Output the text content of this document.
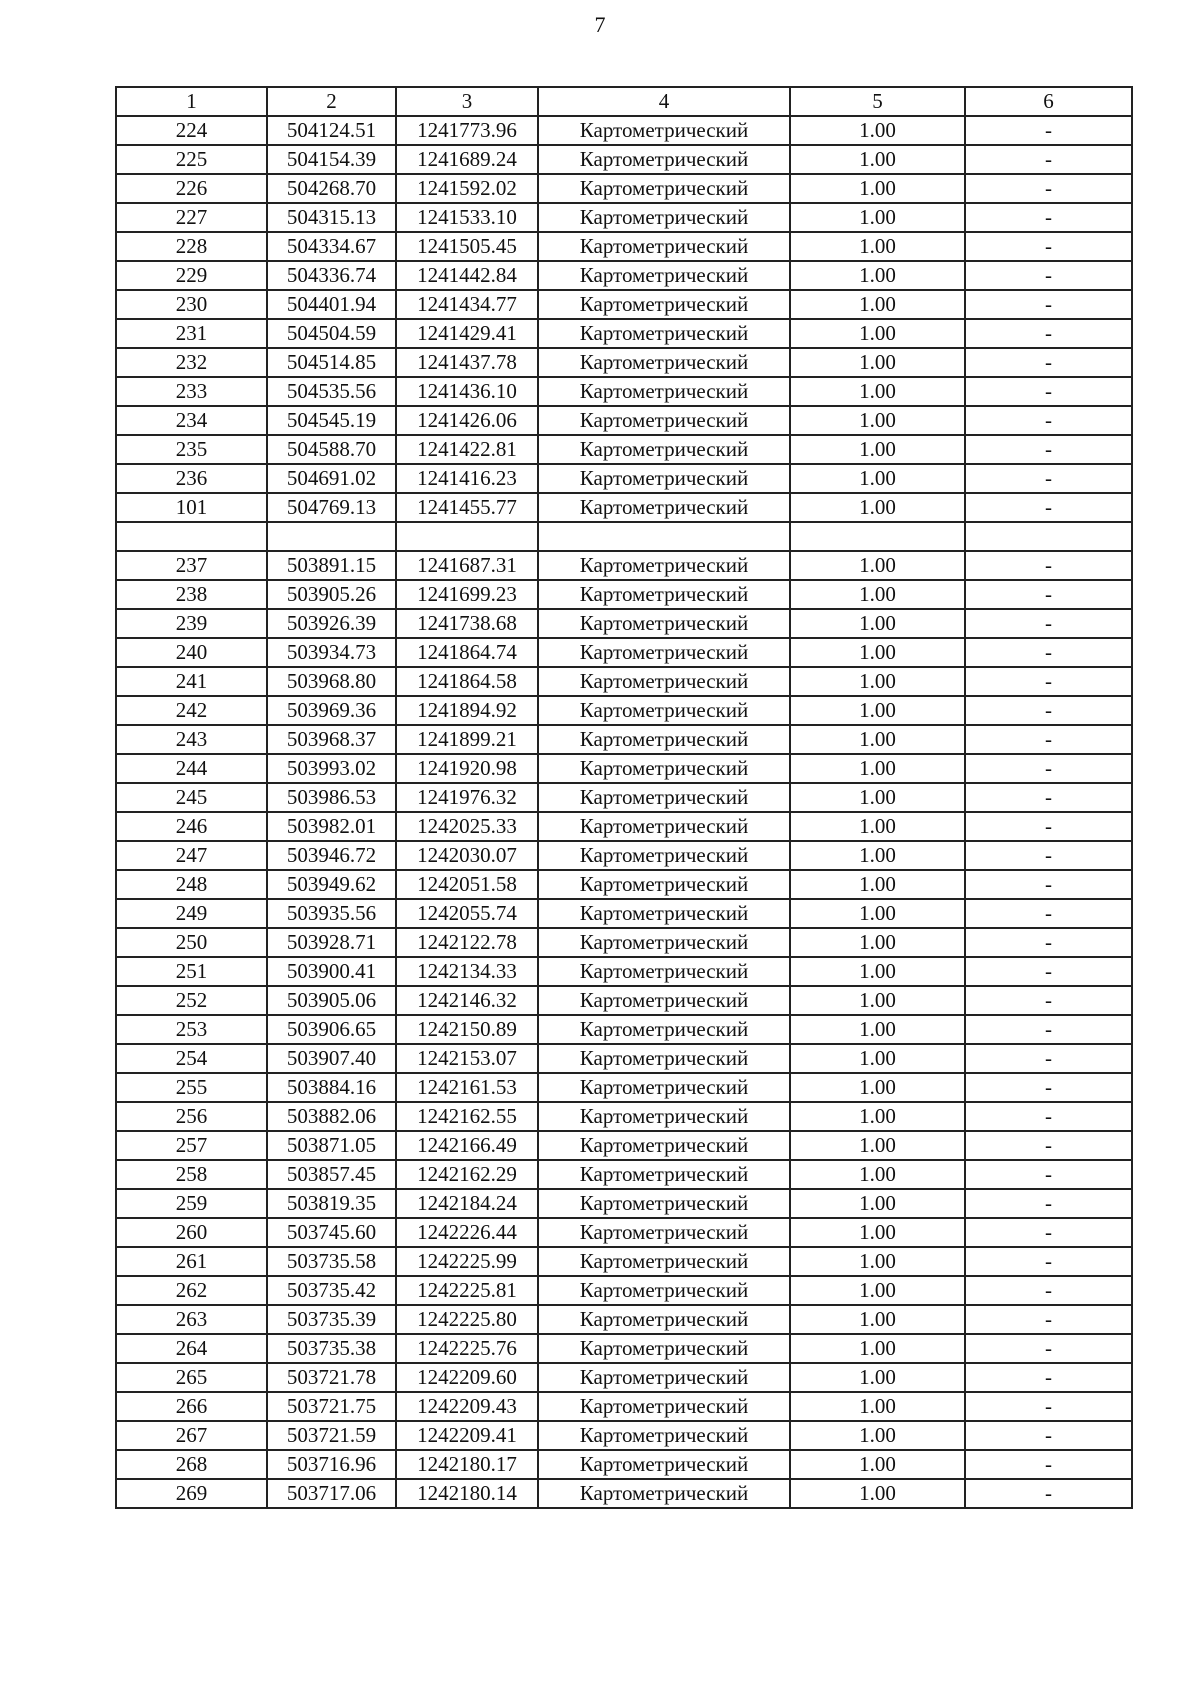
7
1	2	3	4	5	6
224	504124.51	1241773.96	Картометрический	1.00	-
225	504154.39	1241689.24	Картометрический	1.00	-
226	504268.70	1241592.02	Картометрический	1.00	-
227	504315.13	1241533.10	Картометрический	1.00	-
228	504334.67	1241505.45	Картометрический	1.00	-
229	504336.74	1241442.84	Картометрический	1.00	-
230	504401.94	1241434.77	Картометрический	1.00	-
231	504504.59	1241429.41	Картометрический	1.00	-
232	504514.85	1241437.78	Картометрический	1.00	-
233	504535.56	1241436.10	Картометрический	1.00	-
234	504545.19	1241426.06	Картометрический	1.00	-
235	504588.70	1241422.81	Картометрический	1.00	-
236	504691.02	1241416.23	Картометрический	1.00	-
101	504769.13	1241455.77	Картометрический	1.00	-

237	503891.15	1241687.31	Картометрический	1.00	-
238	503905.26	1241699.23	Картометрический	1.00	-
239	503926.39	1241738.68	Картометрический	1.00	-
240	503934.73	1241864.74	Картометрический	1.00	-
241	503968.80	1241864.58	Картометрический	1.00	-
242	503969.36	1241894.92	Картометрический	1.00	-
243	503968.37	1241899.21	Картометрический	1.00	-
244	503993.02	1241920.98	Картометрический	1.00	-
245	503986.53	1241976.32	Картометрический	1.00	-
246	503982.01	1242025.33	Картометрический	1.00	-
247	503946.72	1242030.07	Картометрический	1.00	-
248	503949.62	1242051.58	Картометрический	1.00	-
249	503935.56	1242055.74	Картометрический	1.00	-
250	503928.71	1242122.78	Картометрический	1.00	-
251	503900.41	1242134.33	Картометрический	1.00	-
252	503905.06	1242146.32	Картометрический	1.00	-
253	503906.65	1242150.89	Картометрический	1.00	-
254	503907.40	1242153.07	Картометрический	1.00	-
255	503884.16	1242161.53	Картометрический	1.00	-
256	503882.06	1242162.55	Картометрический	1.00	-
257	503871.05	1242166.49	Картометрический	1.00	-
258	503857.45	1242162.29	Картометрический	1.00	-
259	503819.35	1242184.24	Картометрический	1.00	-
260	503745.60	1242226.44	Картометрический	1.00	-
261	503735.58	1242225.99	Картометрический	1.00	-
262	503735.42	1242225.81	Картометрический	1.00	-
263	503735.39	1242225.80	Картометрический	1.00	-
264	503735.38	1242225.76	Картометрический	1.00	-
265	503721.78	1242209.60	Картометрический	1.00	-
266	503721.75	1242209.43	Картометрический	1.00	-
267	503721.59	1242209.41	Картометрический	1.00	-
268	503716.96	1242180.17	Картометрический	1.00	-
269	503717.06	1242180.14	Картометрический	1.00	-
